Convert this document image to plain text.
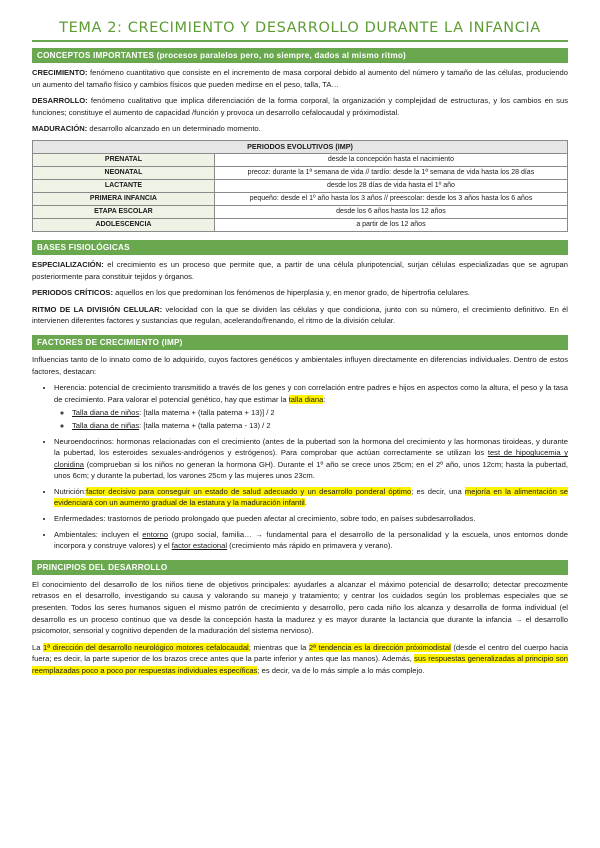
TEMA 2: CRECIMIENTO Y DESARROLLO DURANTE LA INFANCIA
CONCEPTOS IMPORTANTES (procesos paralelos pero, no siempre, dados al mismo ritmo)

CRECIMIENTO: fenómeno cuantitativo que consiste en el incremento de masa corporal debido al aumento del número y tamaño de las células, produciendo un aumento del tamaño físico y cambios físicos que pueden medirse en el peso, talla, TA…

DESARROLLO: fenómeno cualitativo que implica diferenciación de la forma corporal, la organización y complejidad de estructuras, y los cambios en sus funciones; constituye el aumento de capacidad /función y provoca un desarrollo cefalocaudal y próximodistal.

MADURACIÓN: desarrollo alcanzado en un determinado momento.

PERIODOS EVOLUTIVOS (IMP)	
PRENATAL	desde la concepción hasta el nacimiento
NEONATAL	precoz: durante la 1ª semana de vida // tardío: desde la 1ª semana de vida hasta los 28 días
LACTANTE	desde los 28 días de vida hasta el 1º año
PRIMERA INFANCIA	pequeño: desde el 1º año hasta los 3 años // preescolar: desde los 3 años hasta los 6 años
ETAPA ESCOLAR	desde los 6 años hasta los 12 años
ADOLESCENCIA	a partir de los 12 años
BASES FISIOLÓGICAS

ESPECIALIZACIÓN: el crecimiento es un proceso que permite que, a partir de una célula pluripotencial, surjan células especializadas que se agrupan posteriormente para constituir tejidos y órganos.

PERIODOS CRÍTICOS: aquellos en los que predominan los fenómenos de hiperplasia y, en menor grado, de hipertrofia celulares.

RITMO DE LA DIVISIÓN CELULAR: velocidad con la que se dividen las células y que condiciona, junto con su número, el crecimiento definitivo. En él intervienen diferentes factores y sustancias que regulan, acelerando/frenando, el ritmo de la división celular.

FACTORES DE CRECIMIENTO (IMP)

Influencias tanto de lo innato como de lo adquirido, cuyos factores genéticos y ambientales influyen directamente en diferencias individuales. Dentro de estos factores, destacan:

• Herencia: potencial de crecimiento transmitido a través de los genes y con correlación entre padres e hijos en aspectos como la altura, el peso y la tasa de crecimiento. Para valorar el potencial genético, hay que estimar la talla diana:
◦ Talla diana de niños: [talla materna + (talla paterna + 13)] / 2
◦ Talla diana de niñas: [talla materna + (talla paterna - 13) / 2
• Neuroendocrinos: hormonas relacionadas con el crecimiento (antes de la pubertad son la hormona del crecimiento y las hormonas tiroideas, y durante la pubertad, los esteroides sexuales-andrógenos y estrógenos). Para comprobar que actúan correctamente se utilizan los test de hipoglucemia y clonidina (comprueban si los niños no generan la hormona GH). Durante el 1º año se crece unos 25cm; en el 2º año, unos 12cm; hasta la pubertad, unos 6cm; y durante la pubertad, los varones 25cm y las mujeres unos 23cm.
• Nutrición:factor decisivo para conseguir un estado de salud adecuado y un desarrollo ponderal óptimo; es decir, una mejoría en la alimentación se evidenciará con un aumento gradual de la estatura y la maduración infantil.
• Enfermedades: trastornos de periodo prolongado que pueden afectar al crecimiento, sobre todo, en países subdesarrollados.
• Ambientales: incluyen el entorno (grupo social, familia… → fundamental para el desarrollo de la personalidad y la escuela, unos entornos donde incorpora y construye valores) y el factor estacional (crecimiento más rápido en primavera y verano).
PRINCIPIOS DEL DESARROLLO

El conocimiento del desarrollo de los niños tiene de objetivos principales: ayudarles a alcanzar el máximo potencial de desarrollo; detectar precozmente retrasos en el desarrollo, investigando su causa y valorando su manejo y tratamiento; y centrar los cuidados según los problemas especiales que se presenten. Todos los seres humanos siguen el mismo patrón de crecimiento y desarrollo, pero cada niño los alcanza y desarrolla de forma individual (el desarrollo es un proceso continuo que va desde la concepción hasta la madurez y es mayor durante la lactancia que durante la infancia → el desarrollo psicomotor, sensorial y cognitivo dependen de la maduración del sistema nervioso).

La 1ª dirección del desarrollo neurológico motores cefalocaudal; mientras que la 2ª tendencia es la dirección próximodistal (desde el centro del cuerpo hacia fuera; es decir, la parte superior de los brazos crece antes que la parte inferior y antes que las manos). Además, sus respuestas generalizadas al principio son reemplazadas poco a poco por respuestas individuales específicas; es decir, va de lo más simple a lo más complejo.
